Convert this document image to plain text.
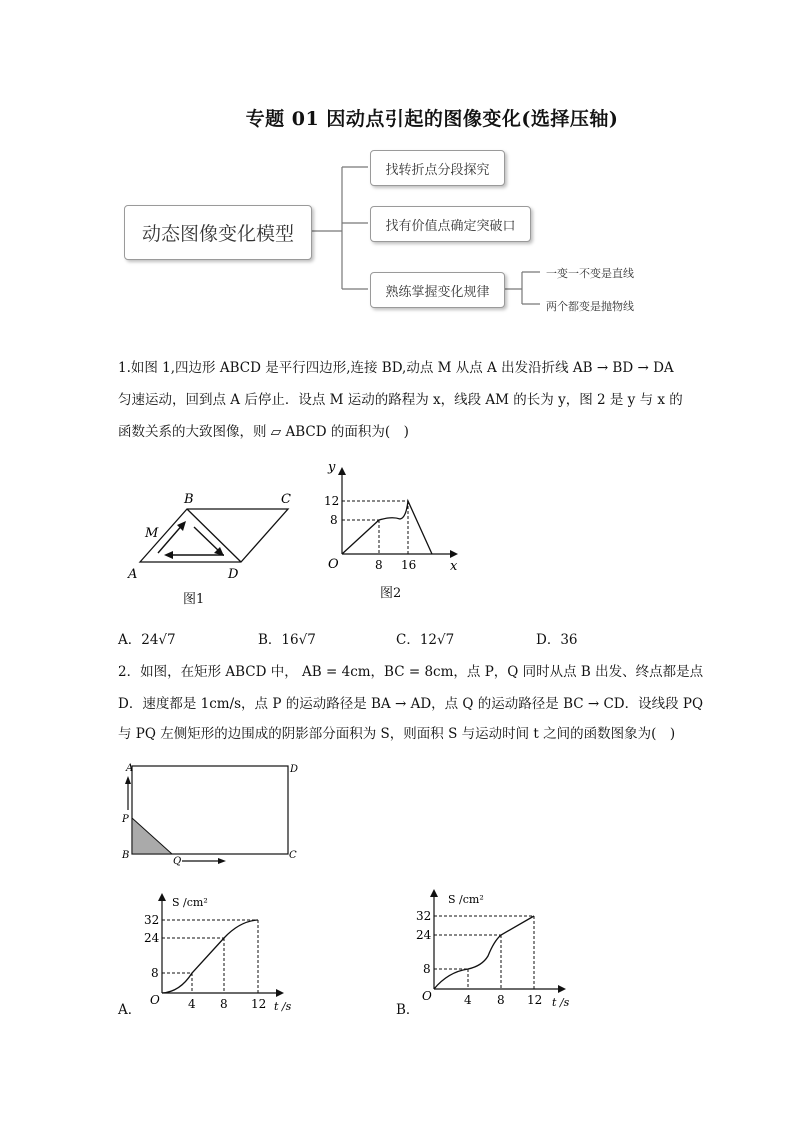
专题 01 因动点引起的图像变化(选择压轴)
动态图像变化模型
找转折点分段探究
找有价值点确定突破口
熟练掌握变化规律
一变一不变是直线
两个都变是抛物线
1.如图 1,四边形 ABCD 是平行四边形,连接 BD,动点 M 从点 A 出发沿折线 AB → BD → DA
匀速运动，回到点 A 后停止．设点 M 运动的路程为 x，线段 AM 的长为 y，图 2 是 y 与 x 的
函数关系的大致图像，则 ▱ ABCD 的面积为(　)
B	C
M
A	D
图1
y
x
O
12
8
8 16
图2
A．24√7	B．16√7	C．12√7	D．36
2．如图，在矩形 ABCD 中， AB = 4cm，BC = 8cm，点 P，Q 同时从点 B 出发、终点都是点
D．速度都是 1cm/s，点 P 的运动路径是 BA → AD，点 Q 的运动路径是 BC → CD．设线段 PQ
与 PQ 左侧矩形的边围成的阴影部分面积为 S，则面积 S 与运动时间 t 之间的函数图象为(　)
A	D
P
B
Q
C
S /cm²
t /s
O
32
24
8
4 8 12
A．
S /cm²
t /s
O
32
24
8
4 8 12
B．
